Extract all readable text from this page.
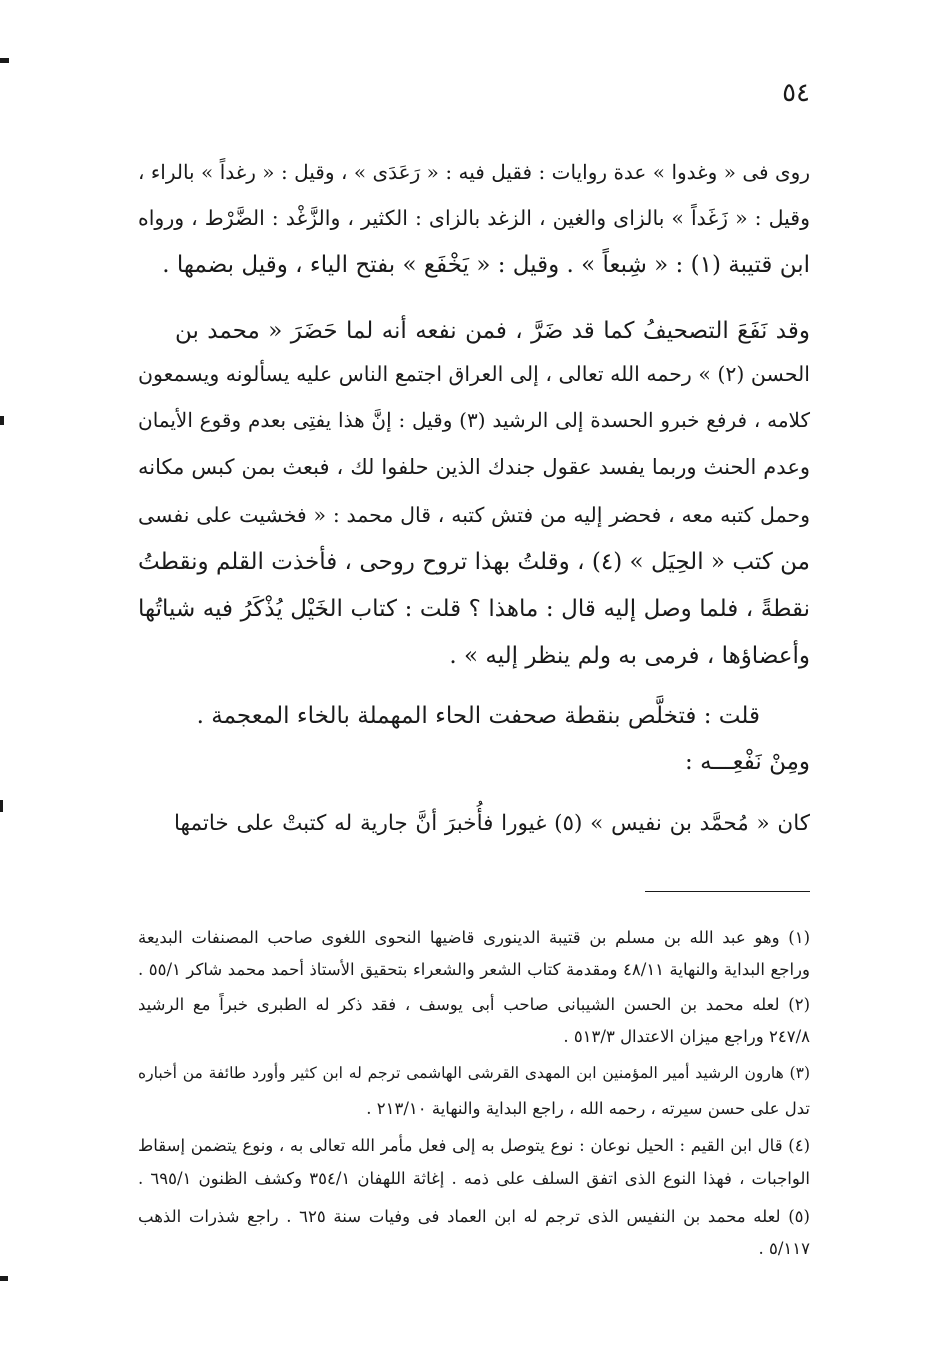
٥٤
روى فى « وغدوا » عدة روايات : فقيل فيه : « رَعَدَى » ، وقيل : « رغداً » بالراء ،
وقيل : « زَغَداً » بالزاى والغين ، الزغد بالزاى : الكثير ، والزَّغْد : الضَّرْط ، ورواه
ابن قتيبة (١) : « شِبعاً » . وقيل : « يَخْفَع » بفتح الياء ، وقيل بضمها .
وقد نَفَعَ التصحيفُ كما قد ضَرَّ ، فمن نفعه أنه لما حَضَرَ « محمد بن
الحسن (٢) » رحمه الله تعالى ، إلى العراق اجتمع الناس عليه يسألونه ويسمعون
كلامه ، فرفع خبرو الحسدة إلى الرشيد (٣) وقيل : إنَّ هذا يفتِى بعدم وقوع الأيمان
وعدم الحنث وربما يفسد عقول جندك الذين حلفوا لك ، فبعث بمن كبس مكانه
وحمل كتبه معه ، فحضر إليه من فتش كتبه ، قال محمد : « فخشيت على نفسى
من كتب « الحِيَل » (٤) ، وقلتُ بهذا تروح روحى ، فأخذت القلم ونقطتُ
نقطةً ، فلما وصل إليه قال : ماهذا ؟ قلت : كتاب الخَيْل يُذْكَرُ فيه شياتُها
وأعضاؤها ، فرمى به ولم ينظر إليه » .
قلت : فتخلَّص بنقطة صحفت الحاء المهملة بالخاء المعجمة .
ومِنْ نَفْعِـــه :
كان « مُحمَّد بن نفيس » (٥) غيورا فأُخبرَ أنَّ جارية له كتبتْ على خاتمها
(١) وهو عبد الله بن مسلم بن قتيبة الدينورى قاضيها النحوى اللغوى صاحب المصنفات البديعة
وراجع البداية والنهاية ٤٨/١١ ومقدمة كتاب الشعر والشعراء بتحقيق الأستاذ أحمد محمد شاكر ٥٥/١ .
(٢) لعله محمد بن الحسن الشيبانى صاحب أبى يوسف ، فقد ذكر له الطبرى خبراً مع الرشيد
٢٤٧/٨ وراجع ميزان الاعتدال ٥١٣/٣ .
(٣) هارون الرشيد أمير المؤمنين ابن المهدى القرشى الهاشمى ترجم له ابن كثير وأورد طائفة من أخباره
تدل على حسن سيرته ، رحمه الله ، راجع البداية والنهاية ٢١٣/١٠ .
(٤) قال ابن القيم : الحيل نوعان : نوع يتوصل به إلى فعل مأمر الله تعالى به ، ونوع يتضمن إسقاط
الواجبات ، فهذا النوع الذى اتفق السلف على ذمه . إغاثة اللهفان ٣٥٤/١ وكشف الظنون ٦٩٥/١ .
(٥) لعله محمد بن النفيس الذى ترجم له ابن العماد فى وفيات سنة ٦٢٥ . راجع شذرات الذهب
٥/١١٧ .
